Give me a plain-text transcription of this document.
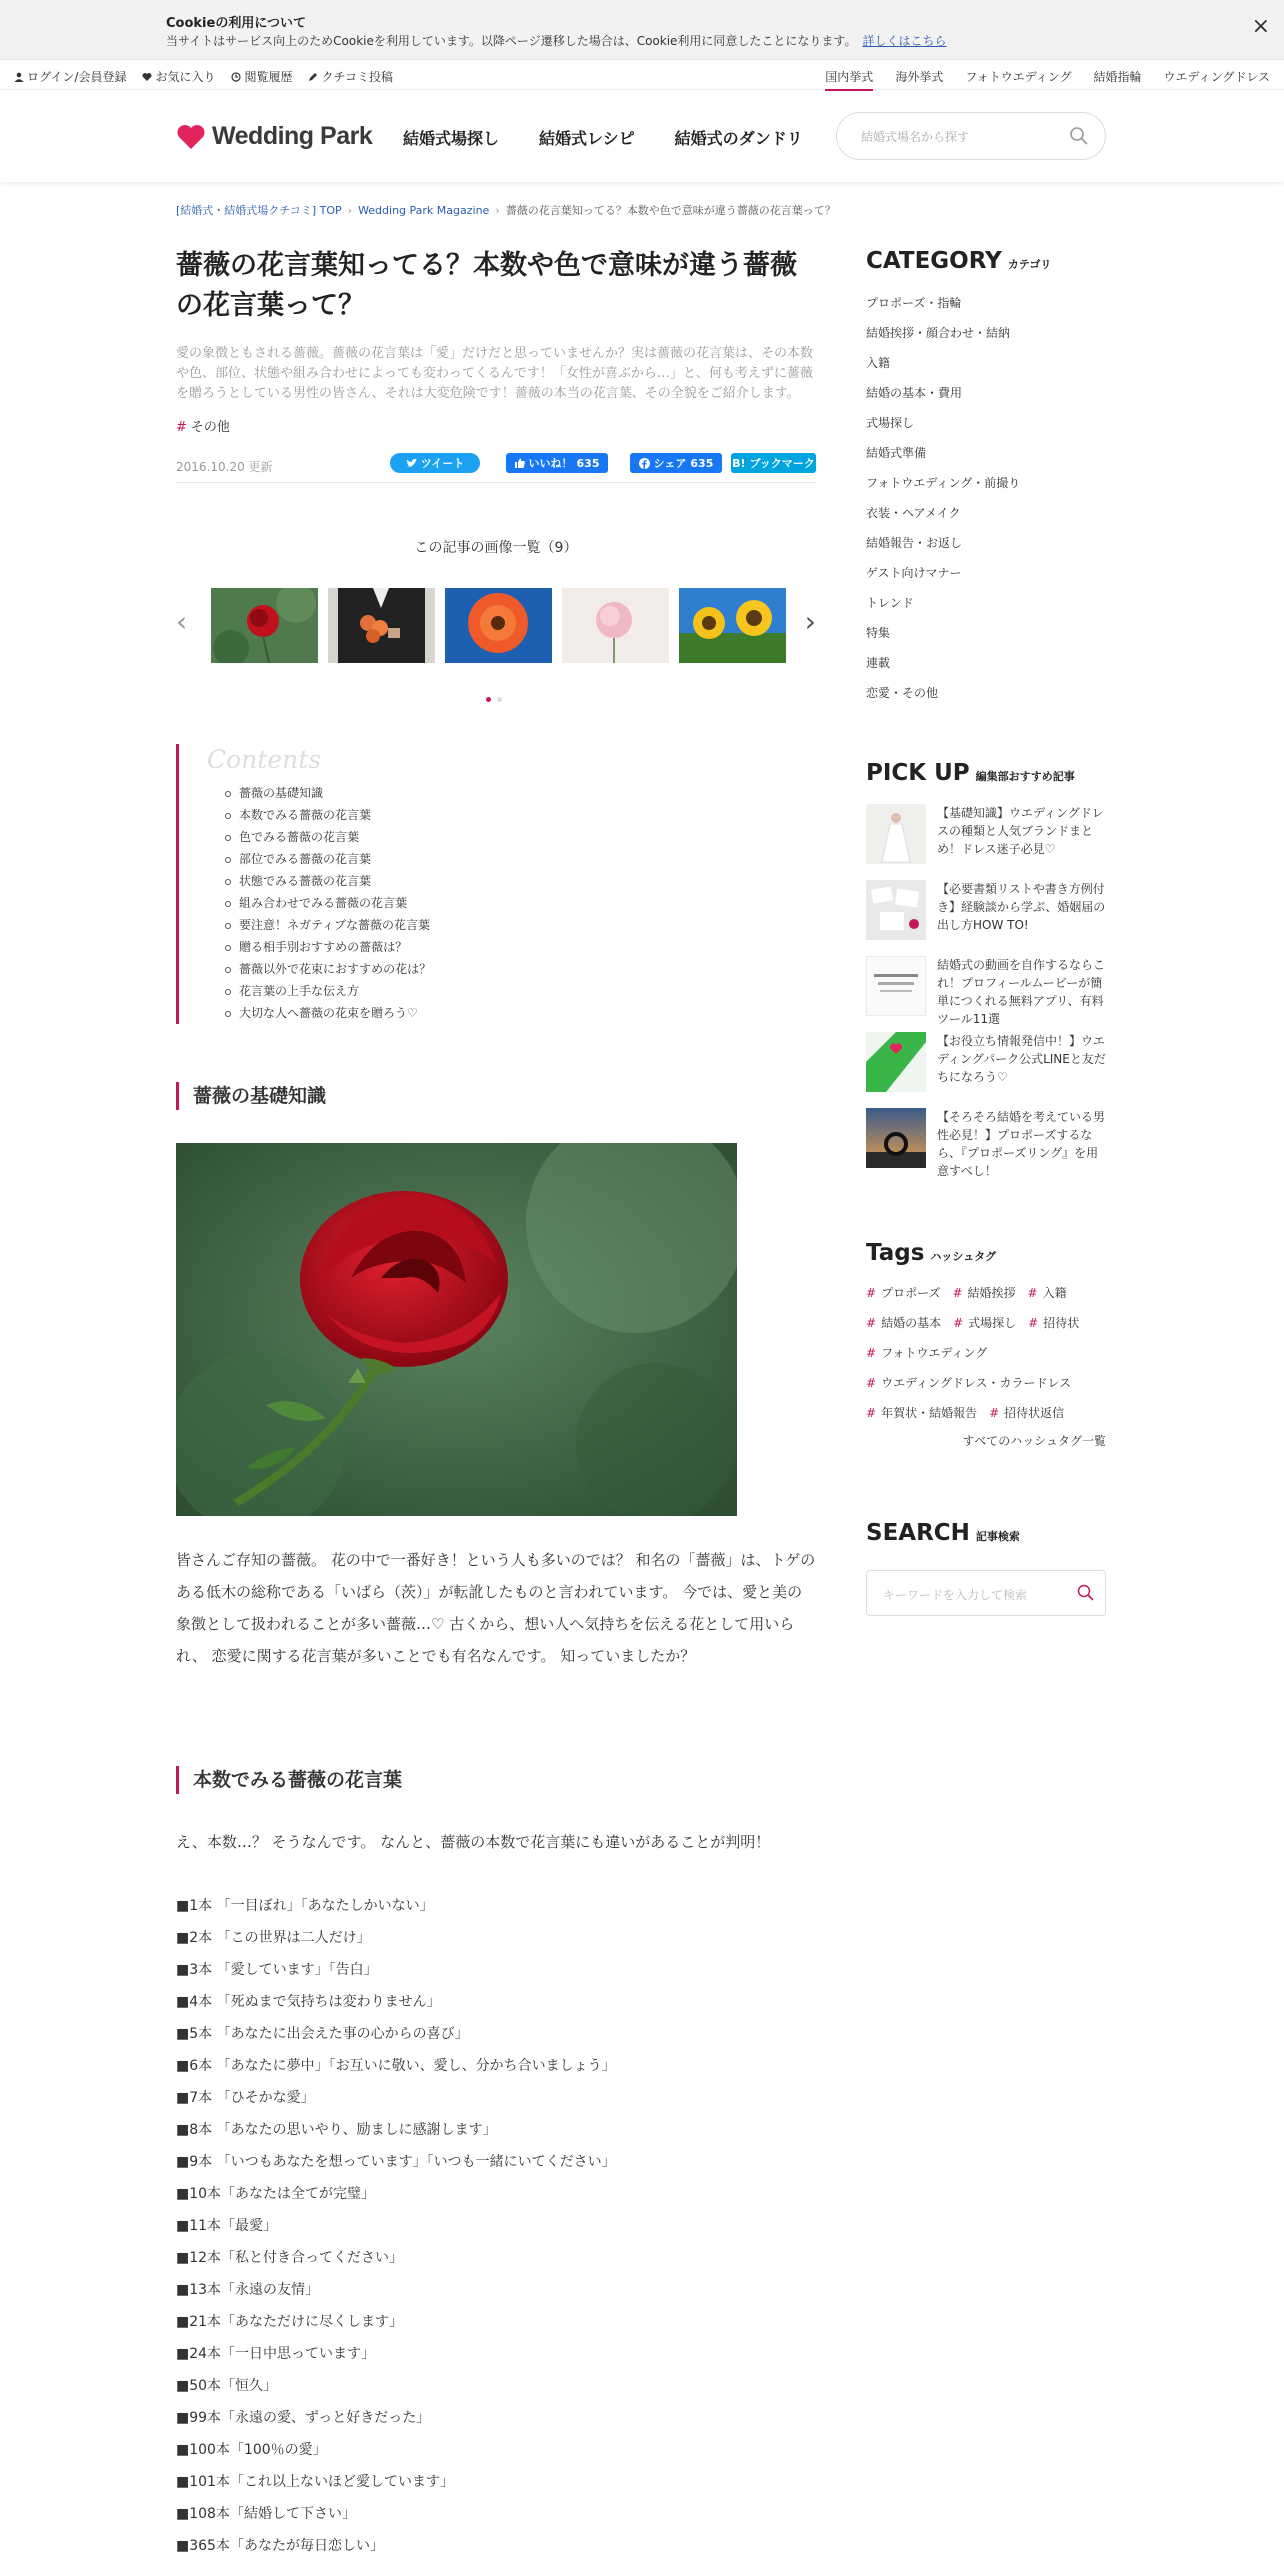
Cookieの利用について
当サイトはサービス向上のためCookieを利用しています。以降ページ遷移した場合は、Cookie利用に同意したことになります。 詳しくはこちら
×
ログイン/会員登録 お気に入り 閲覧履歴 クチコミ投稿	国内挙式 海外挙式 フォトウエディング 結婚指輪 ウエディングドレス
Wedding Park 結婚式場探し	結婚式レシピ	結婚式のダンドリ	結婚式場名から探す
[結婚式・結婚式場クチコミ] TOP › Wedding Park Magazine › 薔薇の花言葉知ってる？本数や色で意味が違う薔薇の花言葉って？
薔薇の花言葉知ってる？本数や色で意味が違う薔薇の花言葉って？

愛の象徴ともされる薔薇。薔薇の花言葉は「愛」だけだと思っていませんか？実は薔薇の花言葉は、その本数や色、部位、状態や組み合わせによっても変わってくるんです！「女性が喜ぶから…」と、何も考えずに薔薇を贈ろうとしている男性の皆さん、それは大変危険です！薔薇の本当の花言葉、その全貌をご紹介します。

# その他
2016.10.20 更新	ツイート	いいね！ 635	シェア 635 B! ブックマーク
この記事の画像一覧（9）
‹	›
Contents
薔薇の基礎知識
本数でみる薔薇の花言葉
色でみる薔薇の花言葉
部位でみる薔薇の花言葉
状態でみる薔薇の花言葉
組み合わせでみる薔薇の花言葉
要注意！ネガティブな薔薇の花言葉
贈る相手別おすすめの薔薇は？
薔薇以外で花束におすすめの花は？
花言葉の上手な伝え方
大切な人へ薔薇の花束を贈ろう♡
薔薇の基礎知識
皆さんご存知の薔薇。 花の中で一番好き！という人も多いのでは？ 和名の「薔薇」は、トゲのある低木の総称である「いばら（茨）」が転訛したものと言われています。 今では、愛と美の象徴として扱われることが多い薔薇…♡ 古くから、想い人へ気持ちを伝える花として用いられ、 恋愛に関する花言葉が多いことでも有名なんです。 知っていましたか？
本数でみる薔薇の花言葉
え、本数…？ そうなんです。 なんと、薔薇の本数で花言葉にも違いがあることが判明！
■1本 「一目ぼれ」「あなたしかいない」
■2本 「この世界は二人だけ」
■3本 「愛しています」「告白」
■4本 「死ぬまで気持ちは変わりません」
■5本 「あなたに出会えた事の心からの喜び」
■6本 「あなたに夢中」「お互いに敬い、愛し、分かち合いましょう」
■7本 「ひそかな愛」
■8本 「あなたの思いやり、励ましに感謝します」
■9本 「いつもあなたを想っています」「いつも一緒にいてください」
■10本「あなたは全てが完璧」
■11本「最愛」
■12本「私と付き合ってください」
■13本「永遠の友情」
■21本「あなただけに尽くします」
■24本「一日中思っています」
■50本「恒久」
■99本「永遠の愛、ずっと好きだった」
■100本「100％の愛」
■101本「これ以上ないほど愛しています」
■108本「結婚して下さい」
■365本「あなたが毎日恋しい」
CATEGORY カテゴリ
プロポーズ・指輪
結婚挨拶・顔合わせ・結納
入籍
結婚の基本・費用
式場探し
結婚式準備
フォトウエディング・前撮り
衣装・ヘアメイク
結婚報告・お返し
ゲスト向けマナー
トレンド
特集
連載
恋愛・その他
PICK UP 編集部おすすめ記事
【基礎知識】ウエディングドレスの種類と人気ブランドまとめ！ドレス迷子必見♡
【必要書類リストや書き方例付き】経験談から学ぶ、婚姻届の出し方HOW TO!
結婚式の動画を自作するならこれ！プロフィールムービーが簡単につくれる無料アプリ、有料ツール11選
【お役立ち情報発信中！】ウエディングパーク公式LINEと友だちになろう♡
【そろそろ結婚を考えている男性必見！】プロポーズするなら、『プロポーズリング』を用意すべし！
Tags ハッシュタグ
# プロポーズ # 結婚挨拶 # 入籍
# 結婚の基本 # 式場探し # 招待状
# フォトウエディング
# ウエディングドレス・カラードレス
# 年賀状・結婚報告 # 招待状返信
すべてのハッシュタグ一覧
SEARCH 記事検索
キーワードを入力して検索
